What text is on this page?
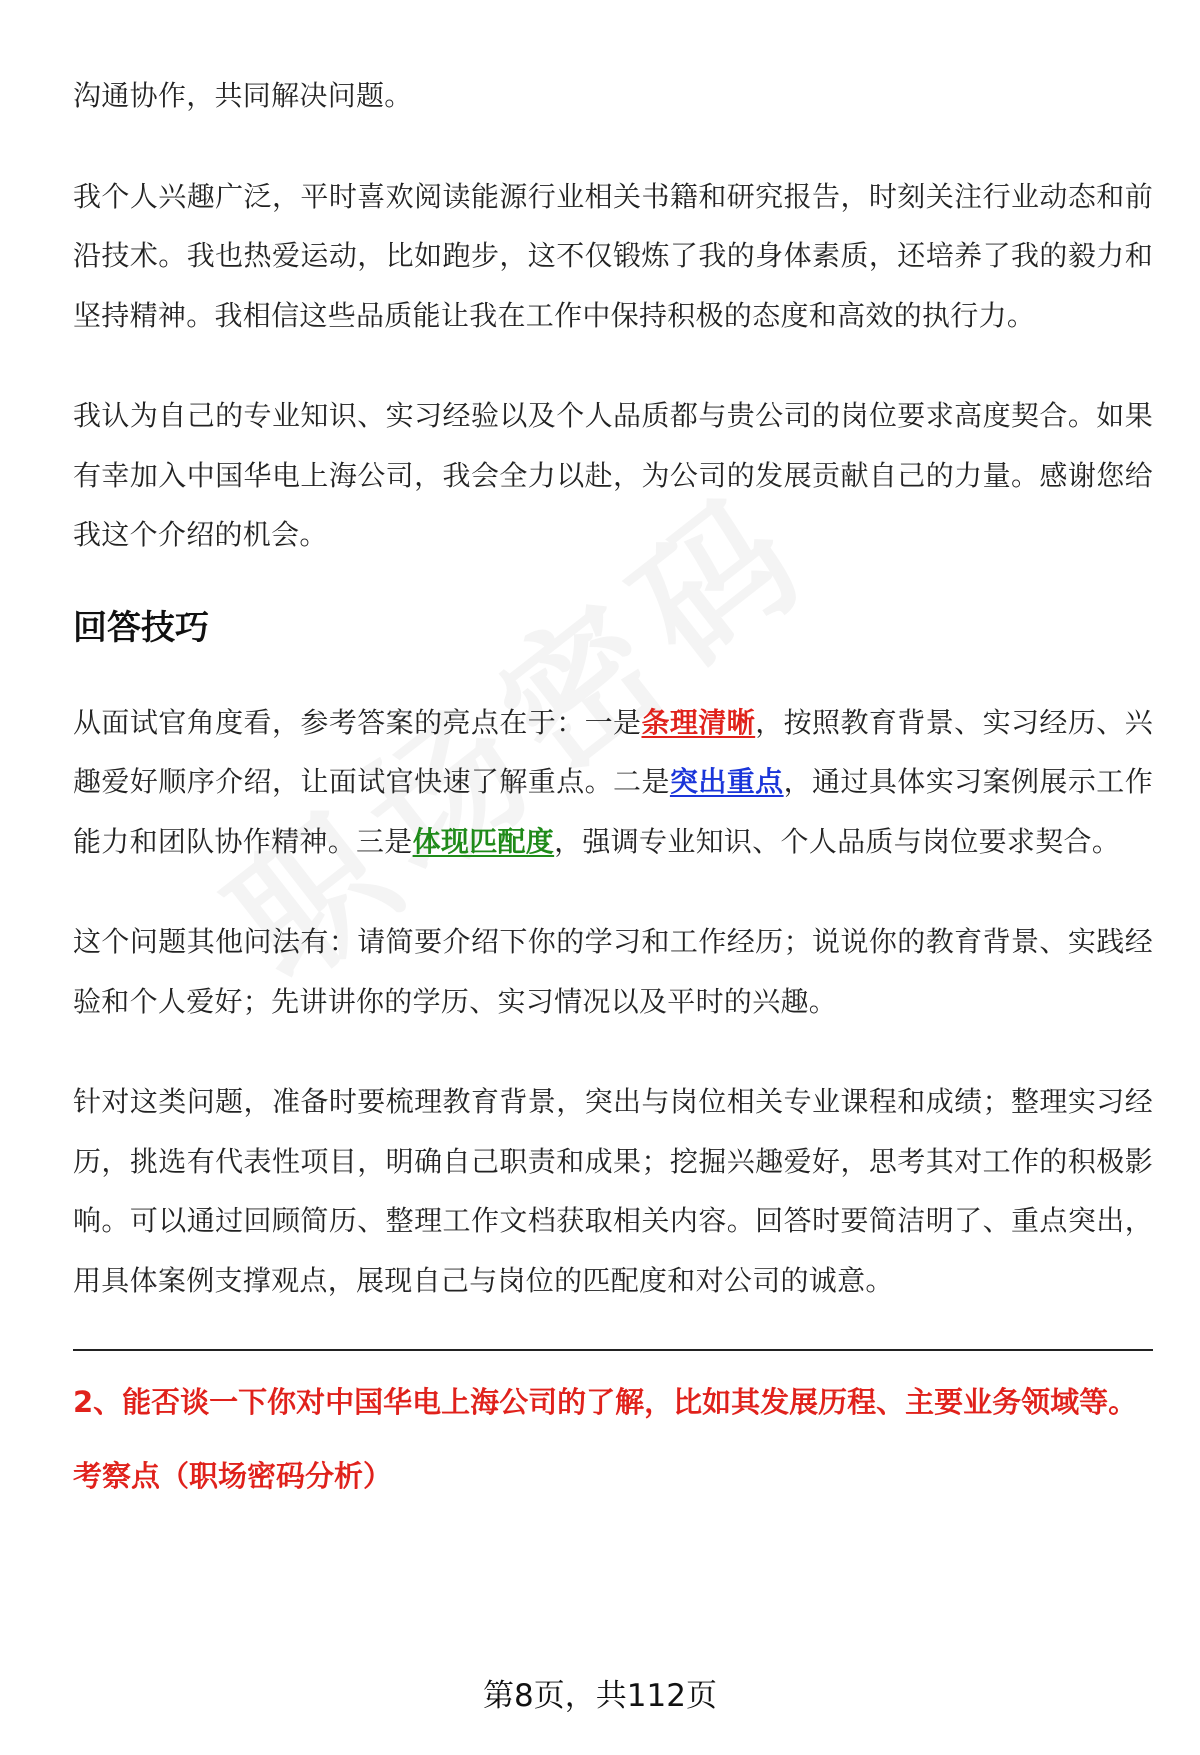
沟通协作，共同解决问题。

我个人兴趣广泛，平时喜欢阅读能源行业相关书籍和研究报告，时刻关注行业动态和前沿技术。我也热爱运动，比如跑步，这不仅锻炼了我的身体素质，还培养了我的毅力和坚持精神。我相信这些品质能让我在工作中保持积极的态度和高效的执行力。

我认为自己的专业知识、实习经验以及个人品质都与贵公司的岗位要求高度契合。如果有幸加入中国华电上海公司，我会全力以赴，为公司的发展贡献自己的力量。感谢您给我这个介绍的机会。

回答技巧

从面试官角度看，参考答案的亮点在于：一是条理清晰，按照教育背景、实习经历、兴趣爱好顺序介绍，让面试官快速了解重点。二是突出重点，通过具体实习案例展示工作能力和团队协作精神。三是体现匹配度，强调专业知识、个人品质与岗位要求契合。

这个问题其他问法有：请简要介绍下你的学习和工作经历；说说你的教育背景、实践经验和个人爱好；先讲讲你的学历、实习情况以及平时的兴趣。

针对这类问题，准备时要梳理教育背景，突出与岗位相关专业课程和成绩；整理实习经历，挑选有代表性项目，明确自己职责和成果；挖掘兴趣爱好，思考其对工作的积极影响。可以通过回顾简历、整理工作文档获取相关内容。回答时要简洁明了、重点突出，用具体案例支撑观点，展现自己与岗位的匹配度和对公司的诚意。

2、能否谈一下你对中国华电上海公司的了解，比如其发展历程、主要业务领域等。
考察点（职场密码分析）
第8页，共112页
